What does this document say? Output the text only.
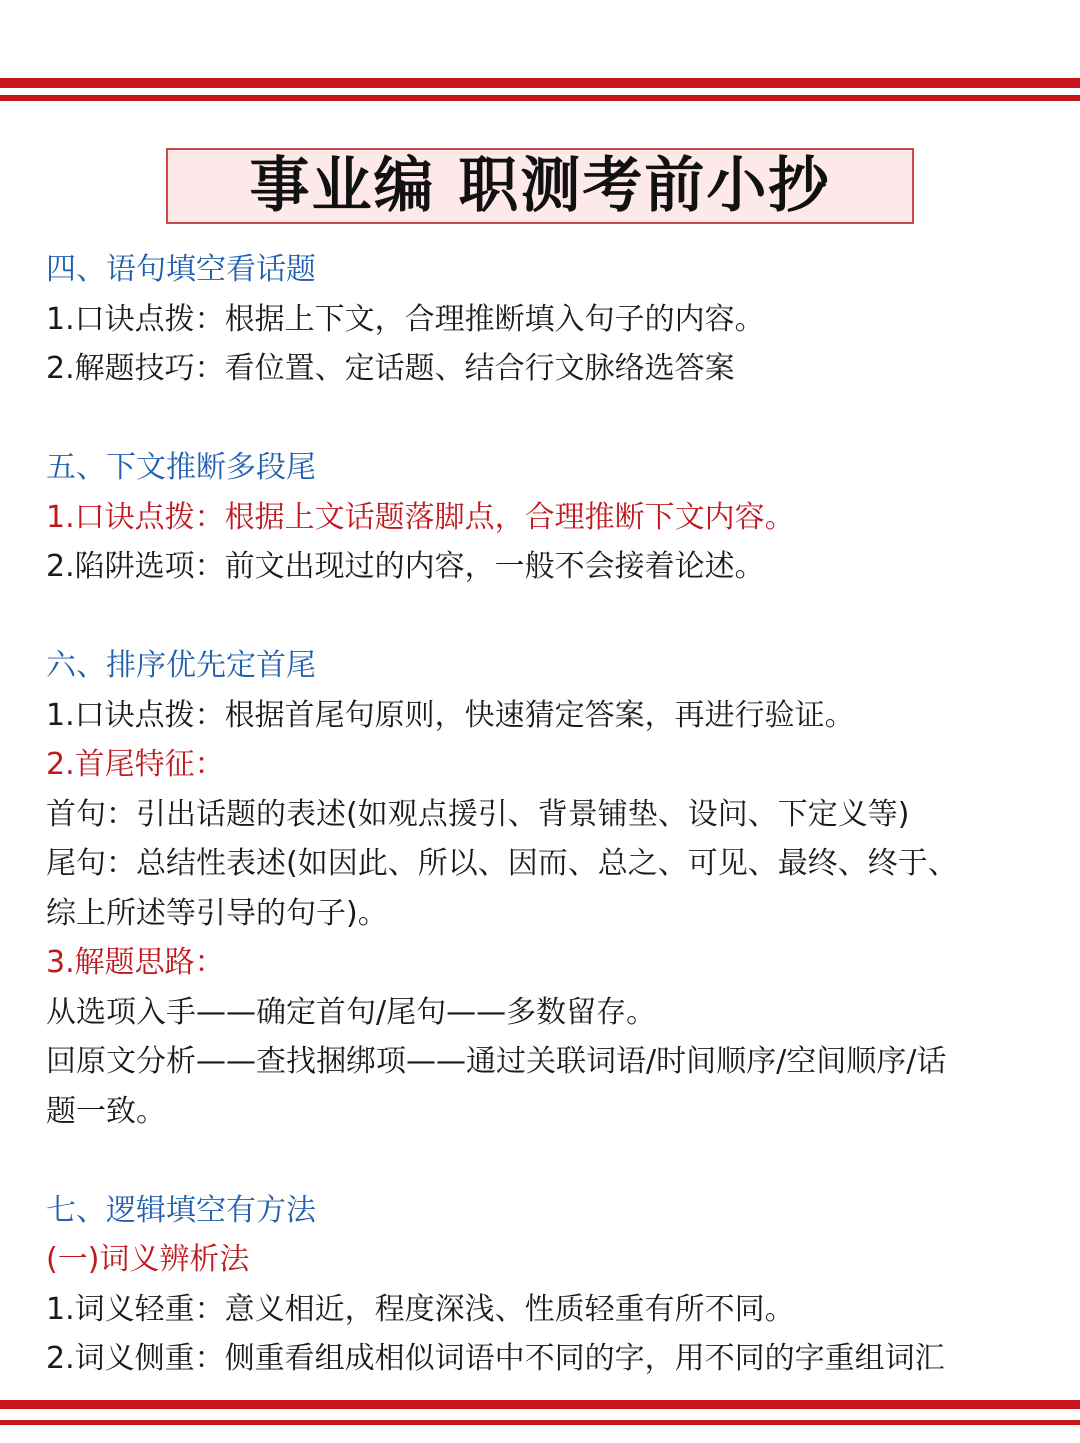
事业编 职测考前小抄
四、语句填空看话题
1.口诀点拨：根据上下文，合理推断填入句子的内容。
2.解题技巧：看位置、定话题、结合行文脉络选答案
五、下文推断多段尾
1.口诀点拨：根据上文话题落脚点，合理推断下文内容。
2.陷阱选项：前文出现过的内容，一般不会接着论述。
六、排序优先定首尾
1.口诀点拨：根据首尾句原则，快速猜定答案，再进行验证。
2.首尾特征：
首句：引出话题的表述(如观点援引、背景铺垫、设问、下定义等)
尾句：总结性表述(如因此、所以、因而、总之、可见、最终、终于、
综上所述等引导的句子)。
3.解题思路：
从选项入手——确定首句/尾句——多数留存。
回原文分析——查找捆绑项——通过关联词语/时间顺序/空间顺序/话
题一致。
七、逻辑填空有方法
(一)词义辨析法
1.词义轻重：意义相近，程度深浅、性质轻重有所不同。
2.词义侧重：侧重看组成相似词语中不同的字，用不同的字重组词汇
